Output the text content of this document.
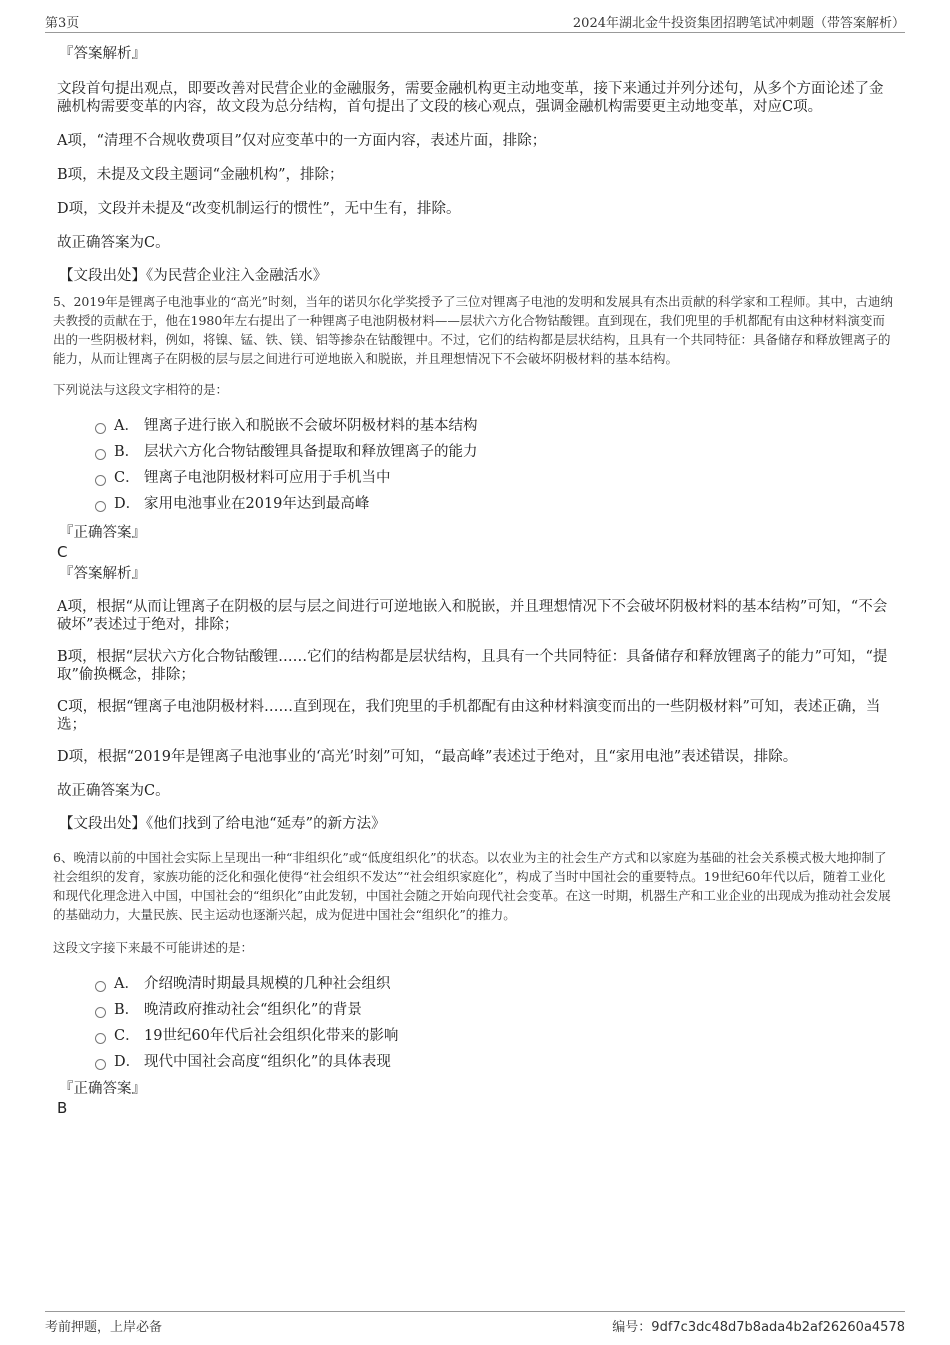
第3页	2024年湖北金牛投资集团招聘笔试冲刺题（带答案解析）

『答案解析』

文段首句提出观点，即要改善对民营企业的金融服务，需要金融机构更主动地变革，接下来通过并列分述句，从多个方面论述了金融机构需要变革的内容，故文段为总分结构，首句提出了文段的核心观点，强调金融机构需要更主动地变革，对应C项。

A项，“清理不合规收费项目”仅对应变革中的一方面内容，表述片面，排除；

B项，未提及文段主题词“金融机构”，排除；

D项，文段并未提及“改变机制运行的惯性”，无中生有，排除。

故正确答案为C。

【文段出处】《为民营企业注入金融活水》

5、2019年是锂离子电池事业的“高光”时刻，当年的诺贝尔化学奖授予了三位对锂离子电池的发明和发展具有杰出贡献的科学家和工程师。其中，古迪纳夫教授的贡献在于，他在1980年左右提出了一种锂离子电池阴极材料——层状六方化合物钴酸锂。直到现在，我们兜里的手机都配有由这种材料演变而出的一些阴极材料，例如，将镍、锰、铁、镁、铝等掺杂在钴酸锂中。不过，它们的结构都是层状结构，且具有一个共同特征：具备储存和释放锂离子的能力，从而让锂离子在阴极的层与层之间进行可逆地嵌入和脱嵌，并且理想情况下不会破坏阴极材料的基本结构。

下列说法与这段文字相符的是：

A． 锂离子进行嵌入和脱嵌不会破坏阴极材料的基本结构
B． 层状六方化合物钴酸锂具备提取和释放锂离子的能力
C． 锂离子电池阴极材料可应用于手机当中
D． 家用电池事业在2019年达到最高峰

『正确答案』

C

『答案解析』

A项，根据“从而让锂离子在阴极的层与层之间进行可逆地嵌入和脱嵌，并且理想情况下不会破坏阴极材料的基本结构”可知，“不会破坏”表述过于绝对，排除；

B项，根据“层状六方化合物钴酸锂……它们的结构都是层状结构，且具有一个共同特征：具备储存和释放锂离子的能力”可知，“提取”偷换概念，排除；

C项，根据“锂离子电池阴极材料……直到现在，我们兜里的手机都配有由这种材料演变而出的一些阴极材料”可知，表述正确，当选；

D项，根据“2019年是锂离子电池事业的‘高光’时刻”可知，“最高峰”表述过于绝对，且“家用电池”表述错误，排除。

故正确答案为C。

【文段出处】《他们找到了给电池“延寿”的新方法》

6、晚清以前的中国社会实际上呈现出一种“非组织化”或“低度组织化”的状态。以农业为主的社会生产方式和以家庭为基础的社会关系模式极大地抑制了社会组织的发育，家族功能的泛化和强化使得“社会组织不发达”“社会组织家庭化”，构成了当时中国社会的重要特点。19世纪60年代以后，随着工业化和现代化理念进入中国，中国社会的“组织化”由此发轫，中国社会随之开始向现代社会变革。在这一时期，机器生产和工业企业的出现成为推动社会发展的基础动力，大量民族、民主运动也逐渐兴起，成为促进中国社会“组织化”的推力。

这段文字接下来最不可能讲述的是：

A． 介绍晚清时期最具规模的几种社会组织
B． 晚清政府推动社会“组织化”的背景
C． 19世纪60年代后社会组织化带来的影响
D． 现代中国社会高度“组织化”的具体表现

『正确答案』

B

考前押题，上岸必备	编号：9df7c3dc48d7b8ada4b2af26260a4578
